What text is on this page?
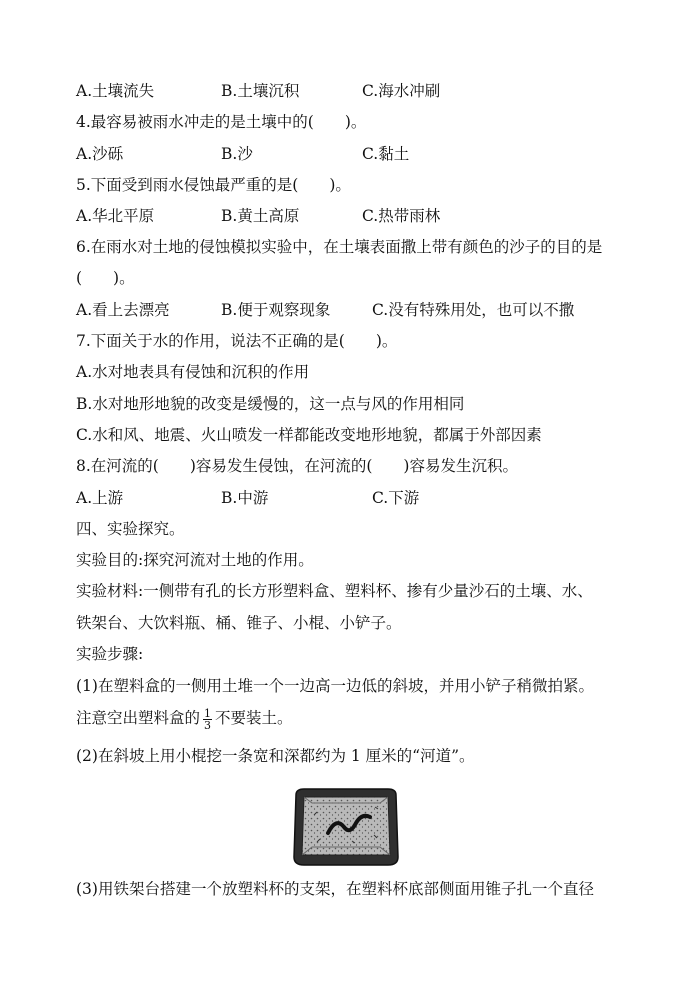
A.土壤流失	B.土壤沉积	C.海水冲刷
4.最容易被雨水冲走的是土壤中的(　　)。
A.沙砾	B.沙	C.黏土
5.下面受到雨水侵蚀最严重的是(　　)。
A.华北平原	B.黄土高原	C.热带雨林
6.在雨水对土地的侵蚀模拟实验中，在土壤表面撒上带有颜色的沙子的目的是
(　　)。
A.看上去漂亮	B.便于观察现象	C.没有特殊用处，也可以不撒
7.下面关于水的作用，说法不正确的是(　　)。
A.水对地表具有侵蚀和沉积的作用
B.水对地形地貌的改变是缓慢的，这一点与风的作用相同
C.水和风、地震、火山喷发一样都能改变地形地貌，都属于外部因素
8.在河流的(　　)容易发生侵蚀，在河流的(　　)容易发生沉积。
A.上游	B.中游	C.下游
四、实验探究。
实验目的:探究河流对土地的作用。
实验材料:一侧带有孔的长方形塑料盒、塑料杯、掺有少量沙石的土壤、水、
铁架台、大饮料瓶、桶、锥子、小棍、小铲子。
实验步骤:
(1)在塑料盒的一侧用土堆一个一边高一边低的斜坡，并用小铲子稍微拍紧。
注意空出塑料盒的 $\frac{1}{3}$ 不要装土。
(2)在斜坡上用小棍挖一条宽和深都约为 1 厘米的“河道”。
(3)用铁架台搭建一个放塑料杯的支架，在塑料杯底部侧面用锥子扎一个直径
